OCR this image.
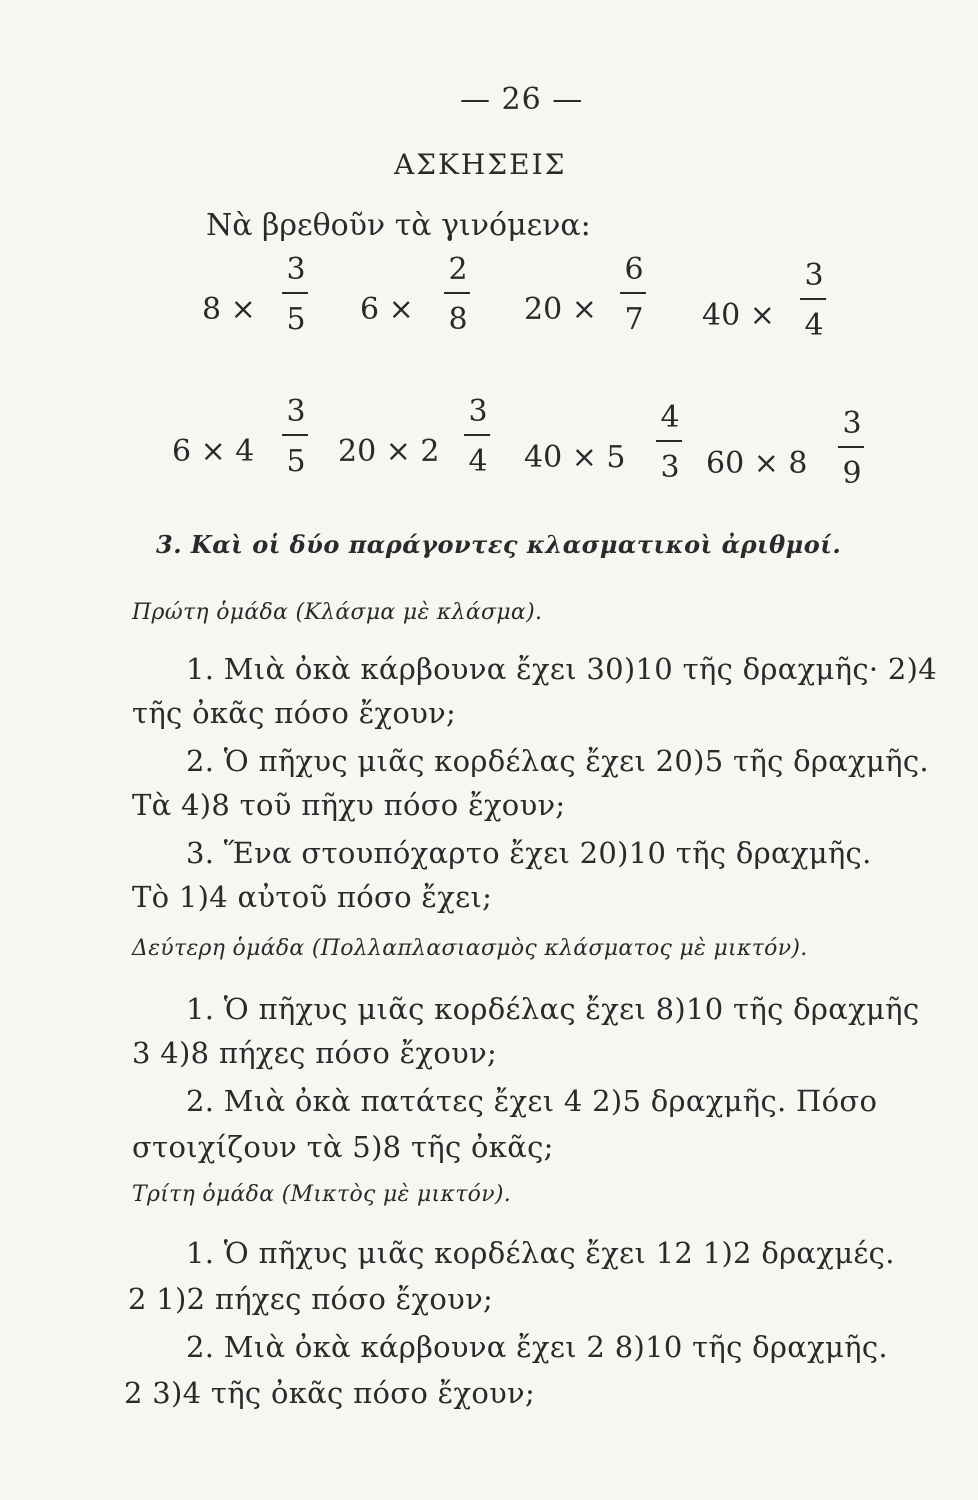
— 26 —
ΑΣΚΗΣΕΙΣ
Νὰ βρεθοῦν τὰ γινόμενα:
8 ×
3
5	6 ×
2
8	20 ×
6
7	40 ×
3
4
6 × 4
3
5	20 × 2
3
4	40 × 5
4
3 60 × 8
3
9
3. Καὶ οἱ δύο παράγοντες κλασματικοὶ ἀριθμοί.
Πρώτη ὁμάδα (Κλάσμα μὲ κλάσμα).
1. Μιὰ ὀκὰ κάρβουνα ἔχει 30)10 τῆς δραχμῆς· 2)4
τῆς ὀκᾶς πόσο ἔχουν;
2. Ὁ πῆχυς μιᾶς κορδέλας ἔχει 20)5 τῆς δραχμῆς.
Τὰ 4)8 τοῦ πῆχυ πόσο ἔχουν;
3. Ἕνα στουπόχαρτο ἔχει 20)10 τῆς δραχμῆς.
Τὸ 1)4 αὐτοῦ πόσο ἔχει;
Δεύτερη ὁμάδα (Πολλαπλασιασμὸς κλάσματος μὲ μικτόν).
1. Ὁ πῆχυς μιᾶς κορδέλας ἔχει 8)10 τῆς δραχμῆς
3 4)8 πήχες πόσο ἔχουν;
2. Μιὰ ὀκὰ πατάτες ἔχει 4 2)5 δραχμῆς. Πόσο
στοιχίζουν τὰ 5)8 τῆς ὀκᾶς;
Τρίτη ὁμάδα (Μικτὸς μὲ μικτόν).
1. Ὁ πῆχυς μιᾶς κορδέλας ἔχει 12 1)2 δραχμές.
2 1)2 πήχες πόσο ἔχουν;
2. Μιὰ ὀκὰ κάρβουνα ἔχει 2 8)10 τῆς δραχμῆς.
2 3)4 τῆς ὀκᾶς πόσο ἔχουν;
